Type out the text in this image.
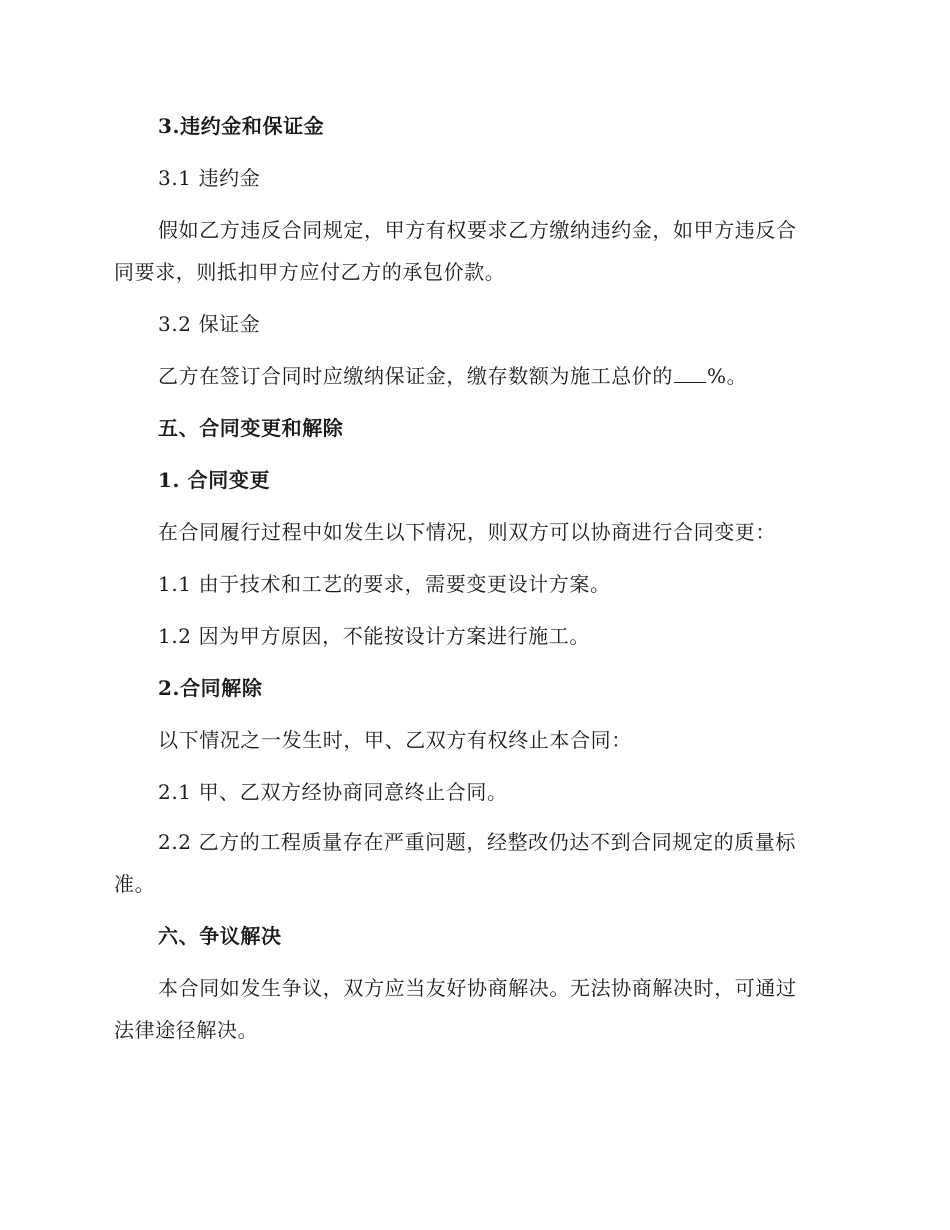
3.违约金和保证金
3.1 违约金
假如乙方违反合同规定，甲方有权要求乙方缴纳违约金，如甲方违反合
同要求，则抵扣甲方应付乙方的承包价款。
3.2 保证金
乙方在签订合同时应缴纳保证金，缴存数额为施工总价的 %。
五、合同变更和解除
1. 合同变更
在合同履行过程中如发生以下情况，则双方可以协商进行合同变更：
1.1 由于技术和工艺的要求，需要变更设计方案。
1.2 因为甲方原因，不能按设计方案进行施工。
2.合同解除
以下情况之一发生时，甲、乙双方有权终止本合同：
2.1 甲、乙双方经协商同意终止合同。
2.2 乙方的工程质量存在严重问题，经整改仍达不到合同规定的质量标
准。
六、争议解决
本合同如发生争议，双方应当友好协商解决。无法协商解决时，可通过
法律途径解决。
